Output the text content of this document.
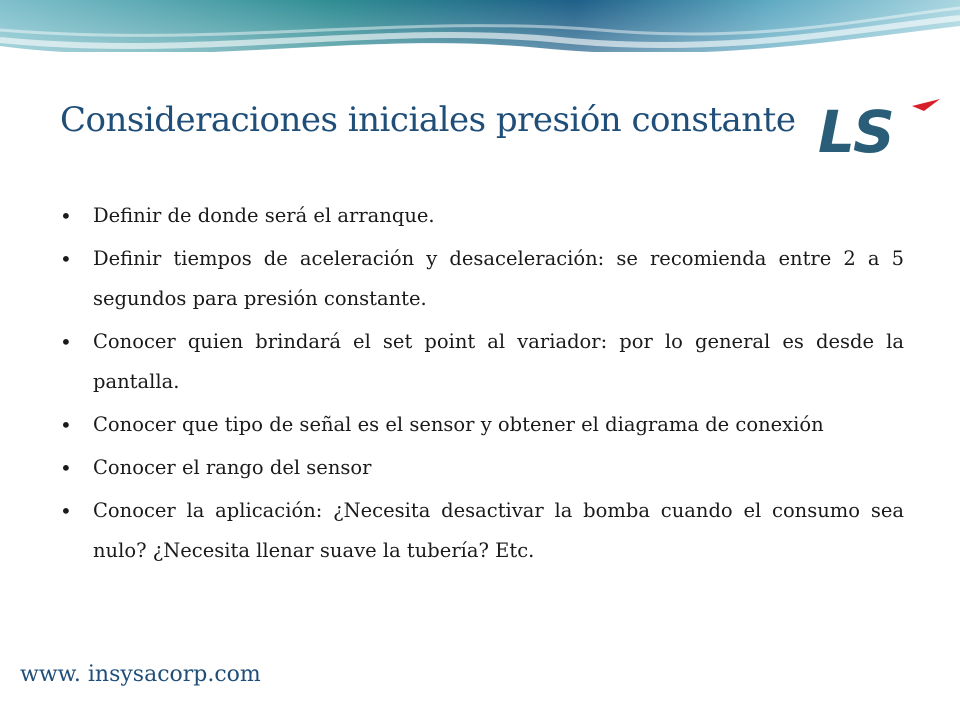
Consideraciones iniciales presión constante LS
• Definir de donde será el arranque.
• Definir tiempos de aceleración y desaceleración: se recomienda entre 2 a 5 segundos para presión constante.
• Conocer quien brindará el set point al variador: por lo general es desde la pantalla.
• Conocer que tipo de señal es el sensor y obtener el diagrama de conexión
• Conocer el rango del sensor
• Conocer la aplicación: ¿Necesita desactivar la bomba cuando el consumo sea nulo? ¿Necesita llenar suave la tubería? Etc.
www. insysacorp.com
